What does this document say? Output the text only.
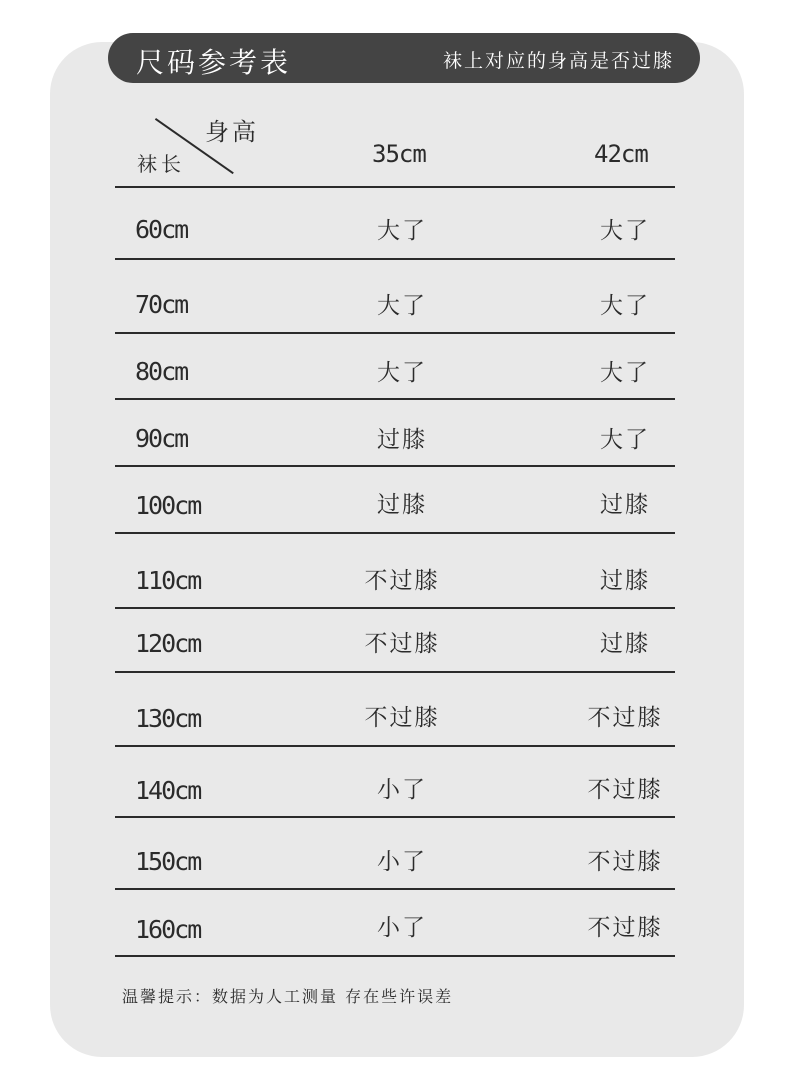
尺码参考表	袜上对应的身高是否过膝
身高
袜长	35cm	42cm
60cm	大了	大了
70cm	大了	大了
80cm	大了	大了
90cm	过膝	大了
100cm	过膝	过膝
110cm	不过膝	过膝
120cm	不过膝	过膝
130cm	不过膝	不过膝
140cm	小了	不过膝
150cm	小了	不过膝
160cm	小了	不过膝
温馨提示：数据为人工测量 存在些许误差
